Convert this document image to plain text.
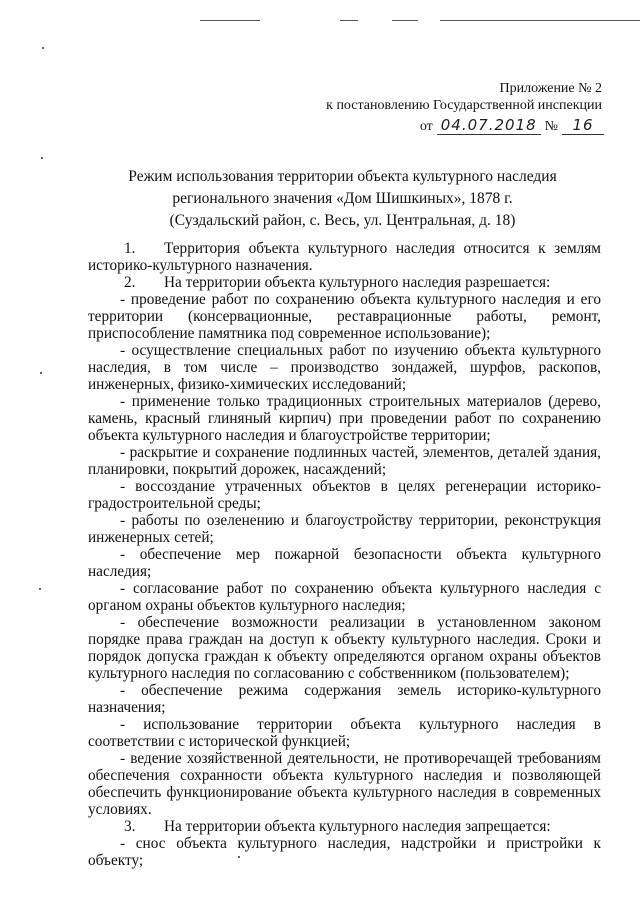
Приложение № 2
к постановлению Государственной инспекции
от 04.07.2018 № 16
Режим использования территории объекта культурного наследия
регионального значения «Дом Шишкиных», 1878 г.
(Суздальский район, с. Весь, ул. Центральная, д. 18)

1. Территория объекта культурного наследия относится к землям историко-культурного назначения.

2. На территории объекта культурного наследия разрешается:

- проведение работ по сохранению объекта культурного наследия и его территории (консервационные, реставрационные работы, ремонт, приспособление памятника под современное использование);

- осуществление специальных работ по изучению объекта культурного наследия, в том числе – производство зондажей, шурфов, раскопов, инженерных, физико-химических исследований;

- применение только традиционных строительных материалов (дерево, камень, красный глиняный кирпич) при проведении работ по сохранению объекта культурного наследия и благоустройстве территории;

- раскрытие и сохранение подлинных частей, элементов, деталей здания, планировки, покрытий дорожек, насаждений;

- воссоздание утраченных объектов в целях регенерации историко-градостроительной среды;

- работы по озеленению и благоустройству территории, реконструкция инженерных сетей;

- обеспечение мер пожарной безопасности объекта культурного наследия;

- согласование работ по сохранению объекта культурного наследия с органом охраны объектов культурного наследия;

- обеспечение возможности реализации в установленном законом порядке права граждан на доступ к объекту культурного наследия. Сроки и порядок допуска граждан к объекту определяются органом охраны объектов культурного наследия по согласованию с собственником (пользователем);

- обеспечение режима содержания земель историко-культурного назначения;

- использование территории объекта культурного наследия в соответствии с исторической функцией;

- ведение хозяйственной деятельности, не противоречащей требованиям обеспечения сохранности объекта культурного наследия и позволяющей обеспечить функционирование объекта культурного наследия в современных условиях.

3. На территории объекта культурного наследия запрещается:

- снос объекта культурного наследия, надстройки и пристройки к объекту;
